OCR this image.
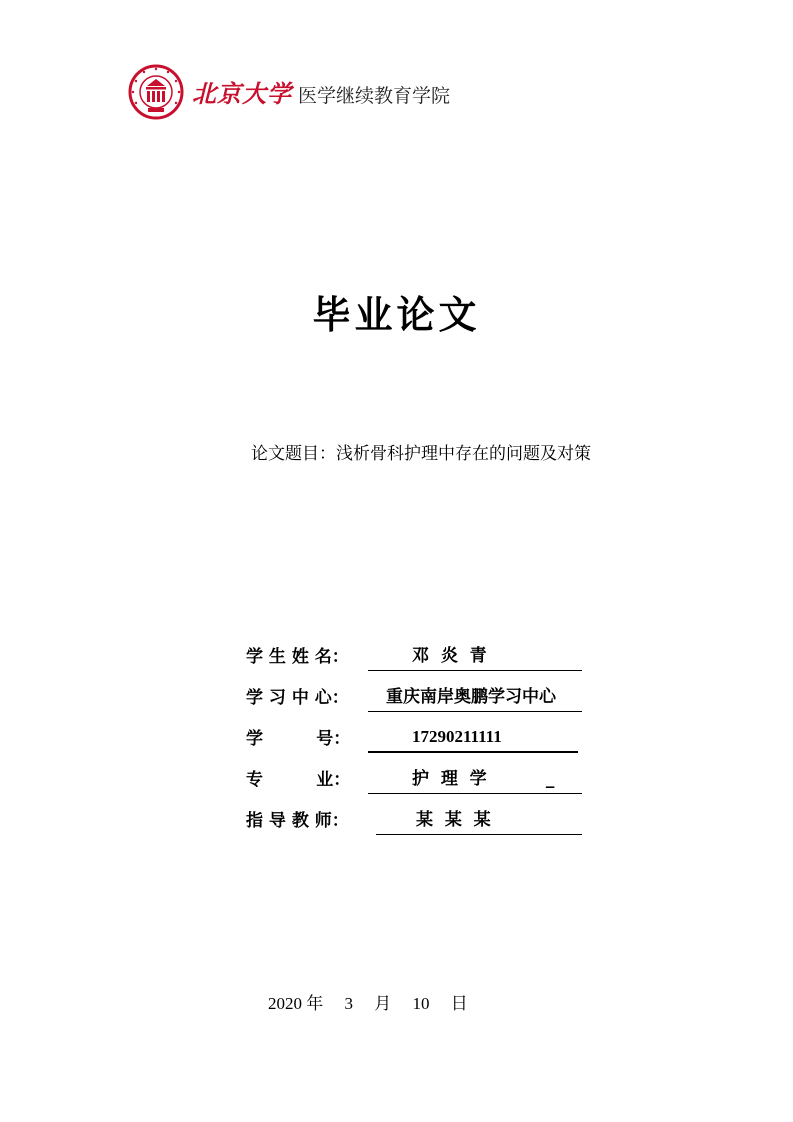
北京大学 医学继续教育学院
毕业论文
论文题目：浅析骨科护理中存在的问题及对策
学 生 姓 名：

	邓  炎  青

学 习 中 心：

重庆南岸奥鹏学习中心

学         号：

	17290211111

专         业：

	护  理  学          _

指 导 教 师：

	某  某  某

2020 年 3 月 10 日
